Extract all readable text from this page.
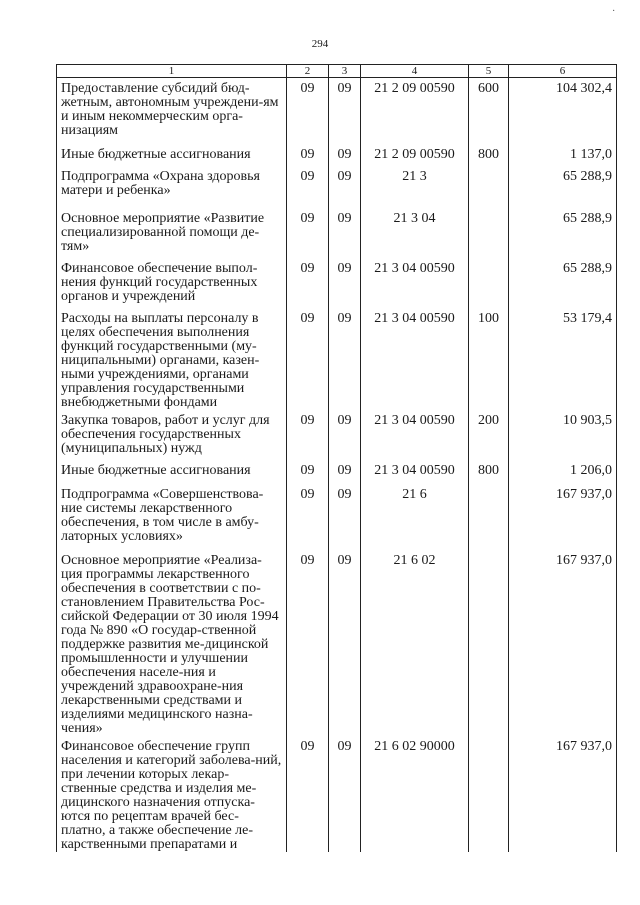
294
1	2	3	4	5	6
Предоставление субсидий бюд-жетным, автономным учреждени-ям и иным некоммерческим орга-низациям	09	09	21 2 09 00590	600	104 302,4
Иные бюджетные ассигнования	09	09	21 2 09 00590	800	1 137,0
Подпрограмма «Охрана здоровья матери и ребенка»	09	09	21 3		65 288,9
Основное мероприятие «Развитие специализированной помощи де-тям»	09	09	21 3 04		65 288,9
Финансовое обеспечение выпол-нения функций государственных органов и учреждений	09	09	21 3 04 00590		65 288,9
Расходы на выплаты персоналу в целях обеспечения выполнения функций государственными (му-ниципальными) органами, казен-ными учреждениями, органами управления государственными внебюджетными фондами	09	09	21 3 04 00590	100	53 179,4
Закупка товаров, работ и услуг для обеспечения государственных (муниципальных) нужд	09	09	21 3 04 00590	200	10 903,5
Иные бюджетные ассигнования	09	09	21 3 04 00590	800	1 206,0
Подпрограмма «Совершенствова-ние системы лекарственного обеспечения, в том числе в амбу-латорных условиях»	09	09	21 6		167 937,0
Основное мероприятие «Реализа-ция программы лекарственного обеспечения в соответствии с по-становлением Правительства Рос-сийской Федерации от 30 июля 1994 года № 890 «О государ-ственной поддержке развития ме-дицинской промышленности и улучшении обеспечения населе-ния и учреждений здравоохране-ния лекарственными средствами и изделиями медицинского назна-чения»	09	09	21 6 02		167 937,0
Финансовое обеспечение групп населения и категорий заболева-ний, при лечении которых лекар-ственные средства и изделия ме-дицинского назначения отпуска-ются по рецептам врачей бес-платно, а также обеспечение ле-карственными препаратами и	09	09	21 6 02 90000		167 937,0
·
